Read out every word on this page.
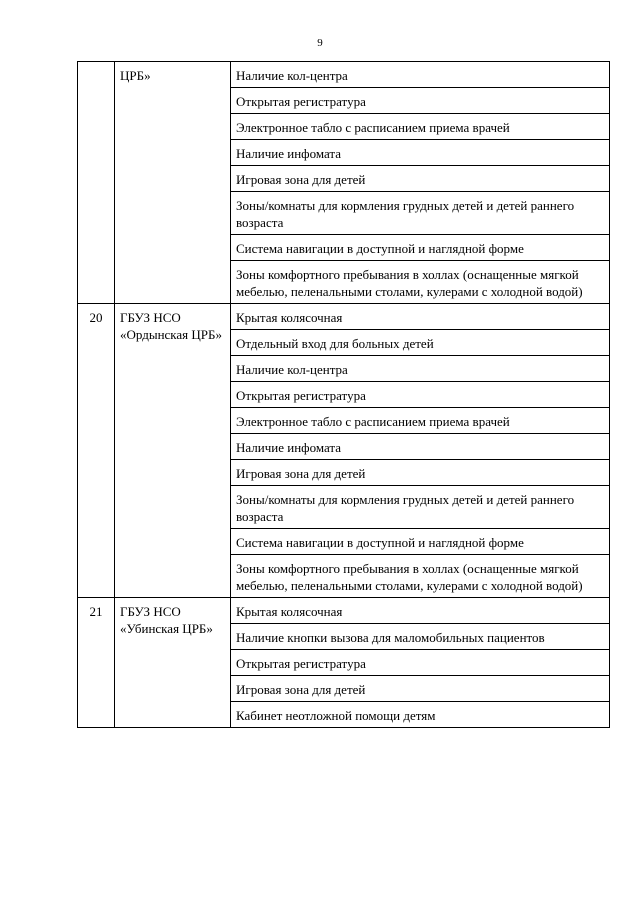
9
	ЦРБ»	Наличие кол-центра
		Открытая регистратура
		Электронное табло с расписанием приема врачей
		Наличие инфомата
		Игровая зона для детей
		Зоны/комнаты для кормления грудных детей и детей раннего возраста
		Система навигации в доступной и наглядной форме
		Зоны комфортного пребывания в холлах (оснащенные мягкой мебелью, пеленальными столами, кулерами с холодной водой)
20	ГБУЗ НСО «Ордынская ЦРБ»	Крытая колясочная
		Отдельный вход для больных детей
		Наличие кол-центра
		Открытая регистратура
		Электронное табло с расписанием приема врачей
		Наличие инфомата
		Игровая зона для детей
		Зоны/комнаты для кормления грудных детей и детей раннего возраста
		Система навигации в доступной и наглядной форме
		Зоны комфортного пребывания в холлах (оснащенные мягкой мебелью, пеленальными столами, кулерами с холодной водой)
21	ГБУЗ НСО «Убинская ЦРБ»	Крытая колясочная
		Наличие кнопки вызова для маломобильных пациентов
		Открытая регистратура
		Игровая зона для детей
		Кабинет неотложной помощи детям
